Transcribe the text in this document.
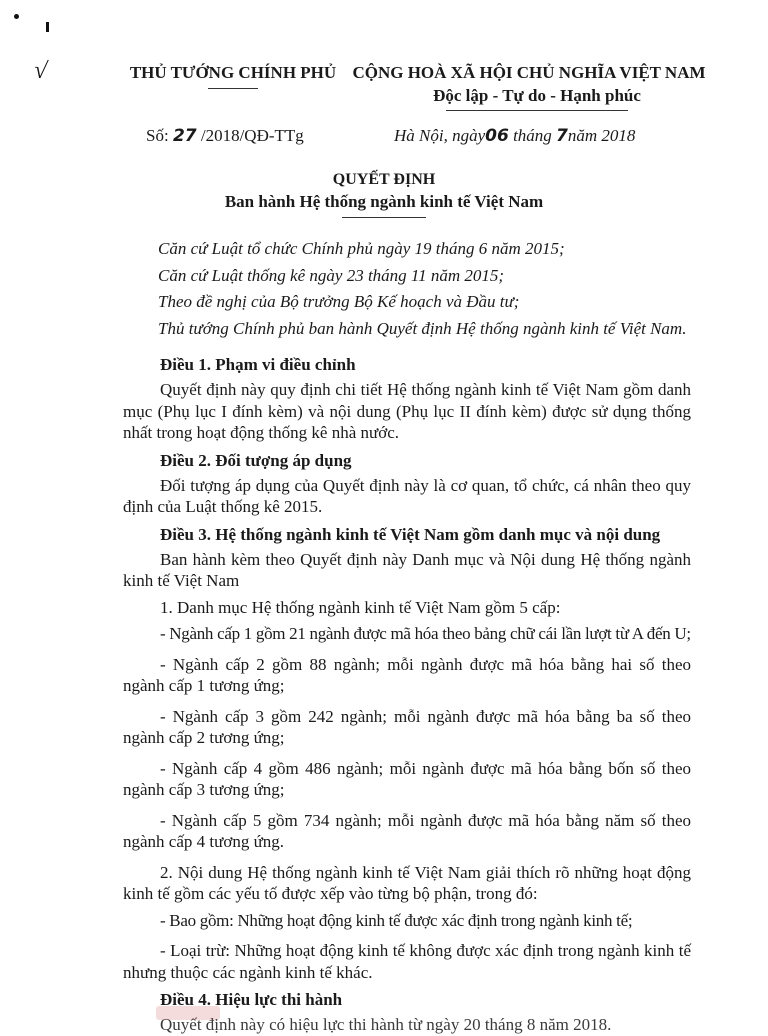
√	THỦ TƯỚNG CHÍNH PHỦ CỘNG HOÀ XÃ HỘI CHỦ NGHĨA VIỆT NAM
Độc lập - Tự do - Hạnh phúc
Số: 27 /2018/QĐ-TTg	Hà Nội, ngày06 tháng 7năm 2018
QUYẾT ĐỊNH
Ban hành Hệ thống ngành kinh tế Việt Nam

Căn cứ Luật tổ chức Chính phủ ngày 19 tháng 6 năm 2015;

Căn cứ Luật thống kê ngày 23 tháng 11 năm 2015;

Theo đề nghị của Bộ trưởng Bộ Kế hoạch và Đầu tư;

Thủ tướng Chính phủ ban hành Quyết định Hệ thống ngành kinh tế Việt Nam.

Điều 1. Phạm vi điều chỉnh

Quyết định này quy định chi tiết Hệ thống ngành kinh tế Việt Nam gồm danh mục (Phụ lục I đính kèm) và nội dung (Phụ lục II đính kèm) được sử dụng thống nhất trong hoạt động thống kê nhà nước.

Điều 2. Đối tượng áp dụng

Đối tượng áp dụng của Quyết định này là cơ quan, tổ chức, cá nhân theo quy định của Luật thống kê 2015.

Điều 3. Hệ thống ngành kinh tế Việt Nam gồm danh mục và nội dung

Ban hành kèm theo Quyết định này Danh mục và Nội dung Hệ thống ngành kinh tế Việt Nam

1. Danh mục Hệ thống ngành kinh tế Việt Nam gồm 5 cấp:

- Ngành cấp 1 gồm 21 ngành được mã hóa theo bảng chữ cái lần lượt từ A đến U;

- Ngành cấp 2 gồm 88 ngành; mỗi ngành được mã hóa bằng hai số theo ngành cấp 1 tương ứng;

- Ngành cấp 3 gồm 242 ngành; mỗi ngành được mã hóa bằng ba số theo ngành cấp 2 tương ứng;

- Ngành cấp 4 gồm 486 ngành; mỗi ngành được mã hóa bằng bốn số theo ngành cấp 3 tương ứng;

- Ngành cấp 5 gồm 734 ngành; mỗi ngành được mã hóa bằng năm số theo ngành cấp 4 tương ứng.

2. Nội dung Hệ thống ngành kinh tế Việt Nam giải thích rõ những hoạt động kinh tế gồm các yếu tố được xếp vào từng bộ phận, trong đó:

- Bao gồm: Những hoạt động kinh tế được xác định trong ngành kinh tế;

- Loại trừ: Những hoạt động kinh tế không được xác định trong ngành kinh tế nhưng thuộc các ngành kinh tế khác.

Điều 4. Hiệu lực thi hành

Quyết định này có hiệu lực thi hành từ ngày 20 tháng 8 năm 2018.
